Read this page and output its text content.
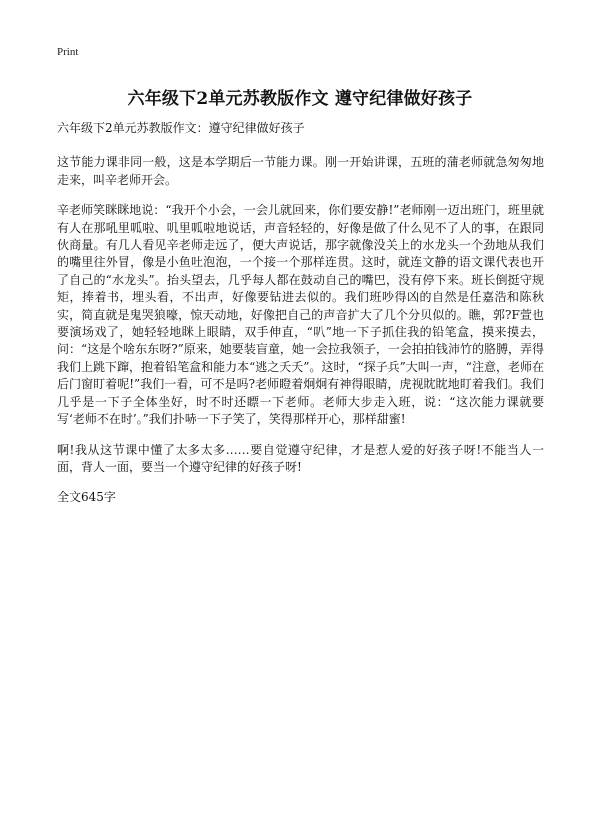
Print
六年级下2单元苏教版作文 遵守纪律做好孩子

六年级下2单元苏教版作文：遵守纪律做好孩子

这节能力课非同一般，这是本学期后一节能力课。刚一开始讲课，五班的蒲老师就急匆匆地走来，叫辛老师开会。

辛老师笑眯眯地说：“我开个小会，一会儿就回来，你们要安静!”老师刚一迈出班门，班里就有人在那吼里呱啦、叽里呱啦地说话，声音轻轻的，好像是做了什么见不了人的事，在跟同伙商量。有几人看见辛老师走远了，便大声说话，那字就像没关上的水龙头一个劲地从我们的嘴里往外冒，像是小鱼吐泡泡，一个接一个那样连贯。这时，就连文静的语文课代表也开了自己的“水龙头”。抬头望去，几乎每人都在鼓动自己的嘴巴，没有停下来。班长倒挺守规矩，捧着书，埋头看，不出声，好像要钻进去似的。我们班吵得凶的自然是任嘉浩和陈秋实，简直就是鬼哭狼嚎，惊天动地，好像把自己的声音扩大了几个分贝似的。瞧，郭?F萱也要演场戏了，她轻轻地眯上眼睛，双手伸直，“叭”地一下子抓住我的铅笔盒，摸来摸去，问：“这是个啥东东呀?”原来，她要装盲童，她一会拉我领子，一会拍拍钱沛竹的胳膊，弄得我们上跳下蹿，抱着铅笔盒和能力本“逃之夭夭”。这时，“探子兵”大叫一声，“注意，老师在后门窗盯着呢!”我们一看，可不是吗?老师瞪着炯炯有神得眼睛，虎视眈眈地盯着我们。我们几乎是一下子全体坐好，时不时还瞟一下老师。老师大步走入班，说：“这次能力课就要写‘老师不在时’。”我们扑哧一下子笑了，笑得那样开心，那样甜蜜!

啊!我从这节课中懂了太多太多……要自觉遵守纪律，才是惹人爱的好孩子呀!不能当人一面，背人一面，要当一个遵守纪律的好孩子呀!

全文645字
